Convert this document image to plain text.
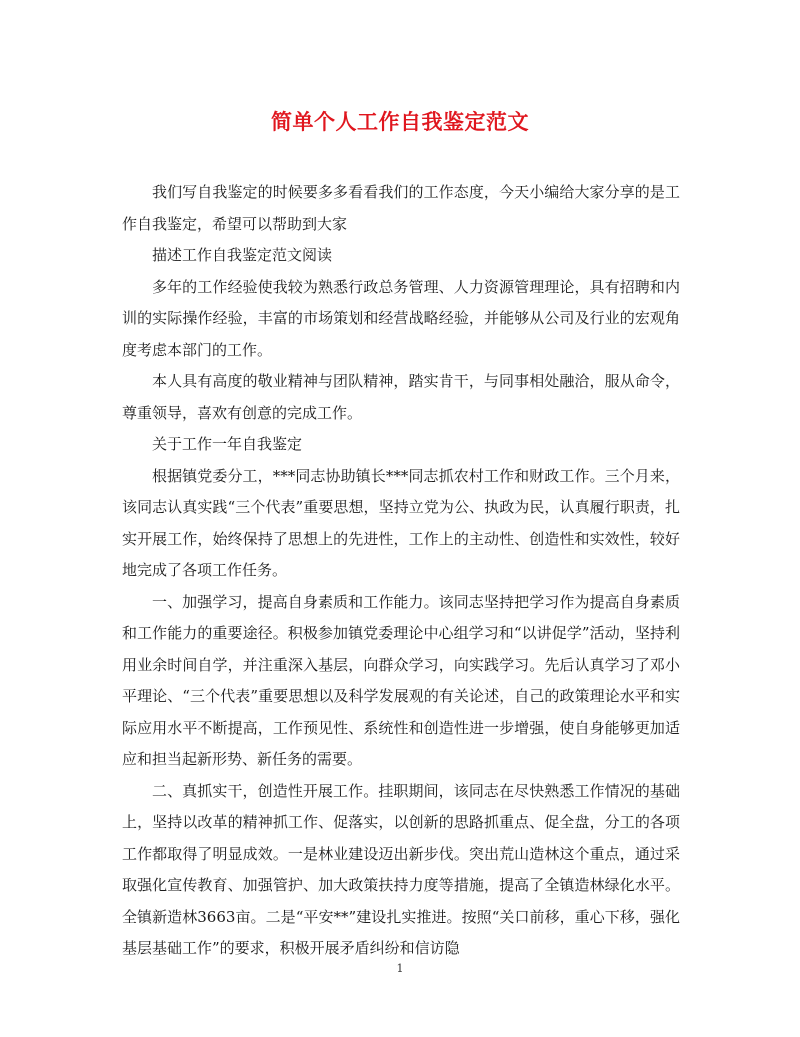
简单个人工作自我鉴定范文

我们写自我鉴定的时候要多多看看我们的工作态度，今天小编给大家分享的是工作自我鉴定，希望可以帮助到大家

描述工作自我鉴定范文阅读

多年的工作经验使我较为熟悉行政总务管理、人力资源管理理论，具有招聘和内训的实际操作经验，丰富的市场策划和经营战略经验，并能够从公司及行业的宏观角度考虑本部门的工作。

本人具有高度的敬业精神与团队精神，踏实肯干，与同事相处融洽，服从命令，尊重领导，喜欢有创意的完成工作。

关于工作一年自我鉴定

根据镇党委分工，***同志协助镇长***同志抓农村工作和财政工作。三个月来，该同志认真实践“三个代表”重要思想，坚持立党为公、执政为民，认真履行职责，扎实开展工作，始终保持了思想上的先进性，工作上的主动性、创造性和实效性，较好地完成了各项工作任务。

一、加强学习，提高自身素质和工作能力。该同志坚持把学习作为提高自身素质和工作能力的重要途径。积极参加镇党委理论中心组学习和“以讲促学”活动，坚持利用业余时间自学，并注重深入基层，向群众学习，向实践学习。先后认真学习了邓小平理论、“三个代表”重要思想以及科学发展观的有关论述，自己的政策理论水平和实际应用水平不断提高，工作预见性、系统性和创造性进一步增强，使自身能够更加适应和担当起新形势、新任务的需要。

二、真抓实干，创造性开展工作。挂职期间，该同志在尽快熟悉工作情况的基础上，坚持以改革的精神抓工作、促落实，以创新的思路抓重点、促全盘，分工的各项工作都取得了明显成效。一是林业建设迈出新步伐。突出荒山造林这个重点，通过采取强化宣传教育、加强管护、加大政策扶持力度等措施，提高了全镇造林绿化水平。全镇新造林3663亩。二是“平安**”建设扎实推进。按照“关口前移，重心下移，强化基层基础工作”的要求，积极开展矛盾纠纷和信访隐

1
